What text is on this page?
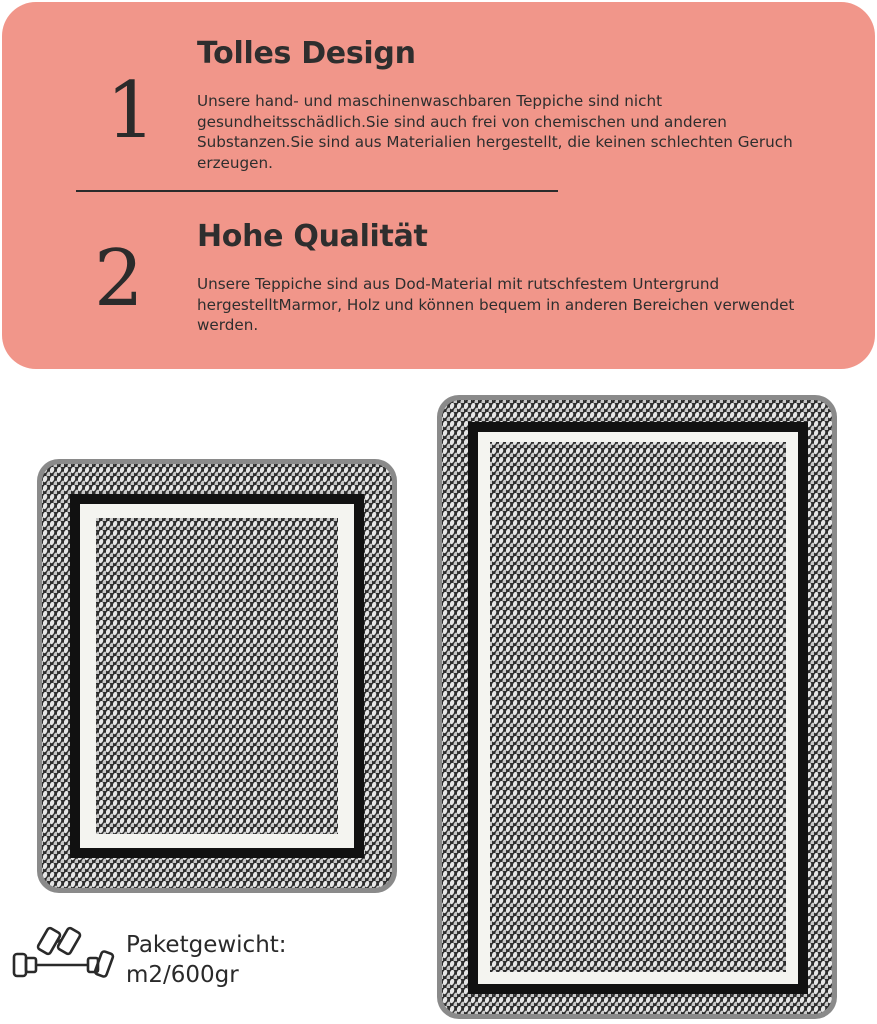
1
Tolles Design
Unsere hand- und maschinenwaschbaren Teppiche sind nicht gesundheitsschädlich.Sie sind auch frei von chemischen und anderen Substanzen.Sie sind aus Materialien hergestellt, die keinen schlechten Geruch erzeugen.
2 Hohe Qualität
Unsere Teppiche sind aus Dod-Material mit rutschfestem Untergrund hergestelltMarmor, Holz und können bequem in anderen Bereichen verwendet werden.
Paketgewicht:
m2/600gr
